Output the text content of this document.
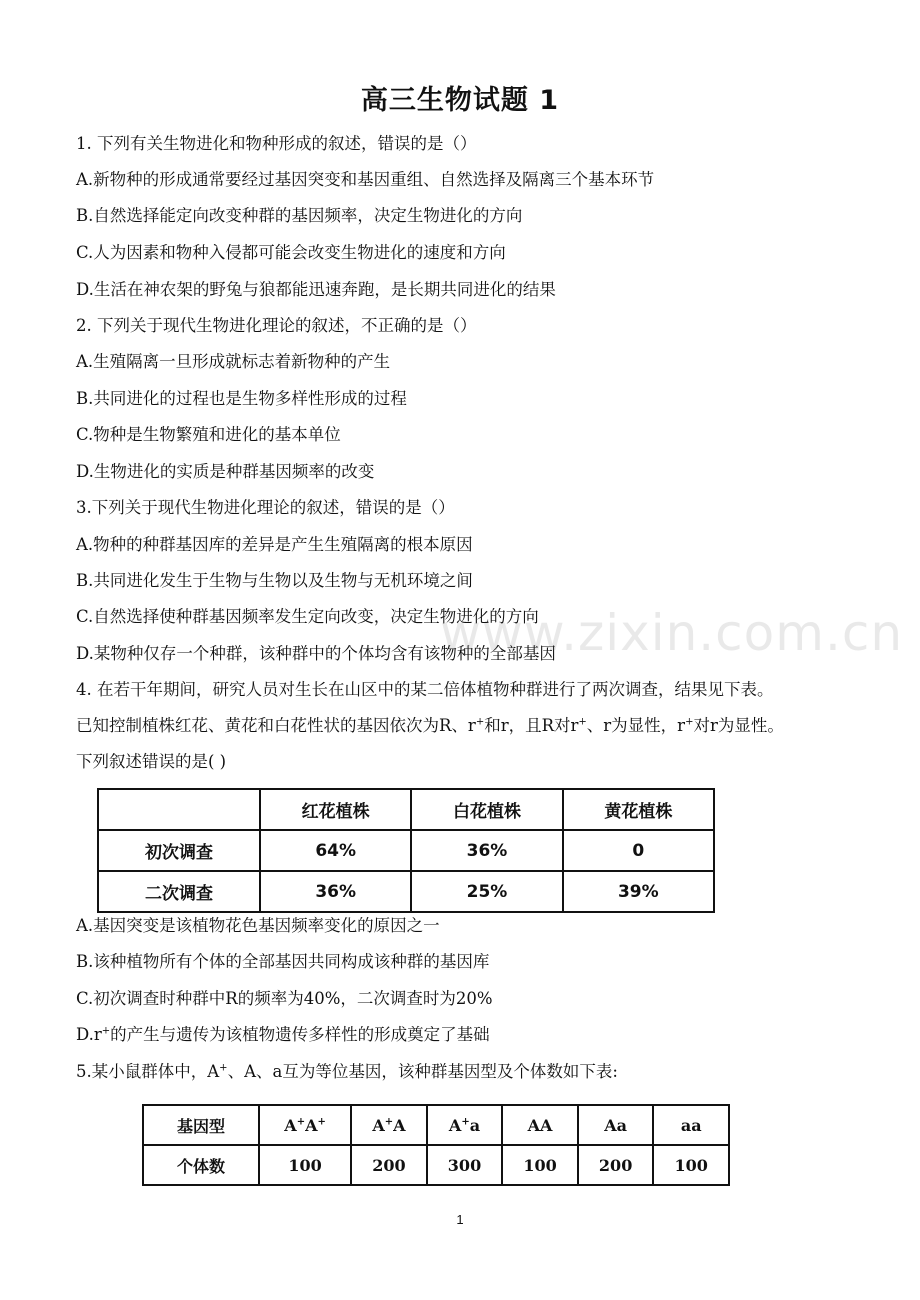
高三生物试题 1
1. 下列有关生物进化和物种形成的叙述，错误的是（）
A.新物种的形成通常要经过基因突变和基因重组、自然选择及隔离三个基本环节
B.自然选择能定向改变种群的基因频率，决定生物进化的方向
C.人为因素和物种入侵都可能会改变生物进化的速度和方向
D.生活在神农架的野兔与狼都能迅速奔跑，是长期共同进化的结果
2. 下列关于现代生物进化理论的叙述，不正确的是（）
A.生殖隔离一旦形成就标志着新物种的产生
B.共同进化的过程也是生物多样性形成的过程
C.物种是生物繁殖和进化的基本单位
D.生物进化的实质是种群基因频率的改变
3.下列关于现代生物进化理论的叙述，错误的是（）
A.物种的种群基因库的差异是产生生殖隔离的根本原因
B.共同进化发生于生物与生物以及生物与无机环境之间
C.自然选择使种群基因频率发生定向改变，决定生物进化的方向
D.某物种仅存一个种群，该种群中的个体均含有该物种的全部基因
4. 在若干年期间，研究人员对生长在山区中的某二倍体植物种群进行了两次调查，结果见下表。
已知控制植株红花、黄花和白花性状的基因依次为R、r+和r，且R对r+、r为显性，r+对r为显性。
下列叙述错误的是( )
	红花植株	白花植株	黄花植株
初次调查	64%	36%	0
二次调查	36%	25%	39%
A.基因突变是该植物花色基因频率变化的原因之一
B.该种植物所有个体的全部基因共同构成该种群的基因库
C.初次调查时种群中R的频率为40%，二次调查时为20%
D.r+的产生与遗传为该植物遗传多样性的形成奠定了基础
5.某小鼠群体中，A+、A、a互为等位基因，该种群基因型及个体数如下表:
基因型	A+A+	A+A	A+a	AA	Aa	aa
个体数	100	200	300	100	200	100
www.zixin.com.cn
1
